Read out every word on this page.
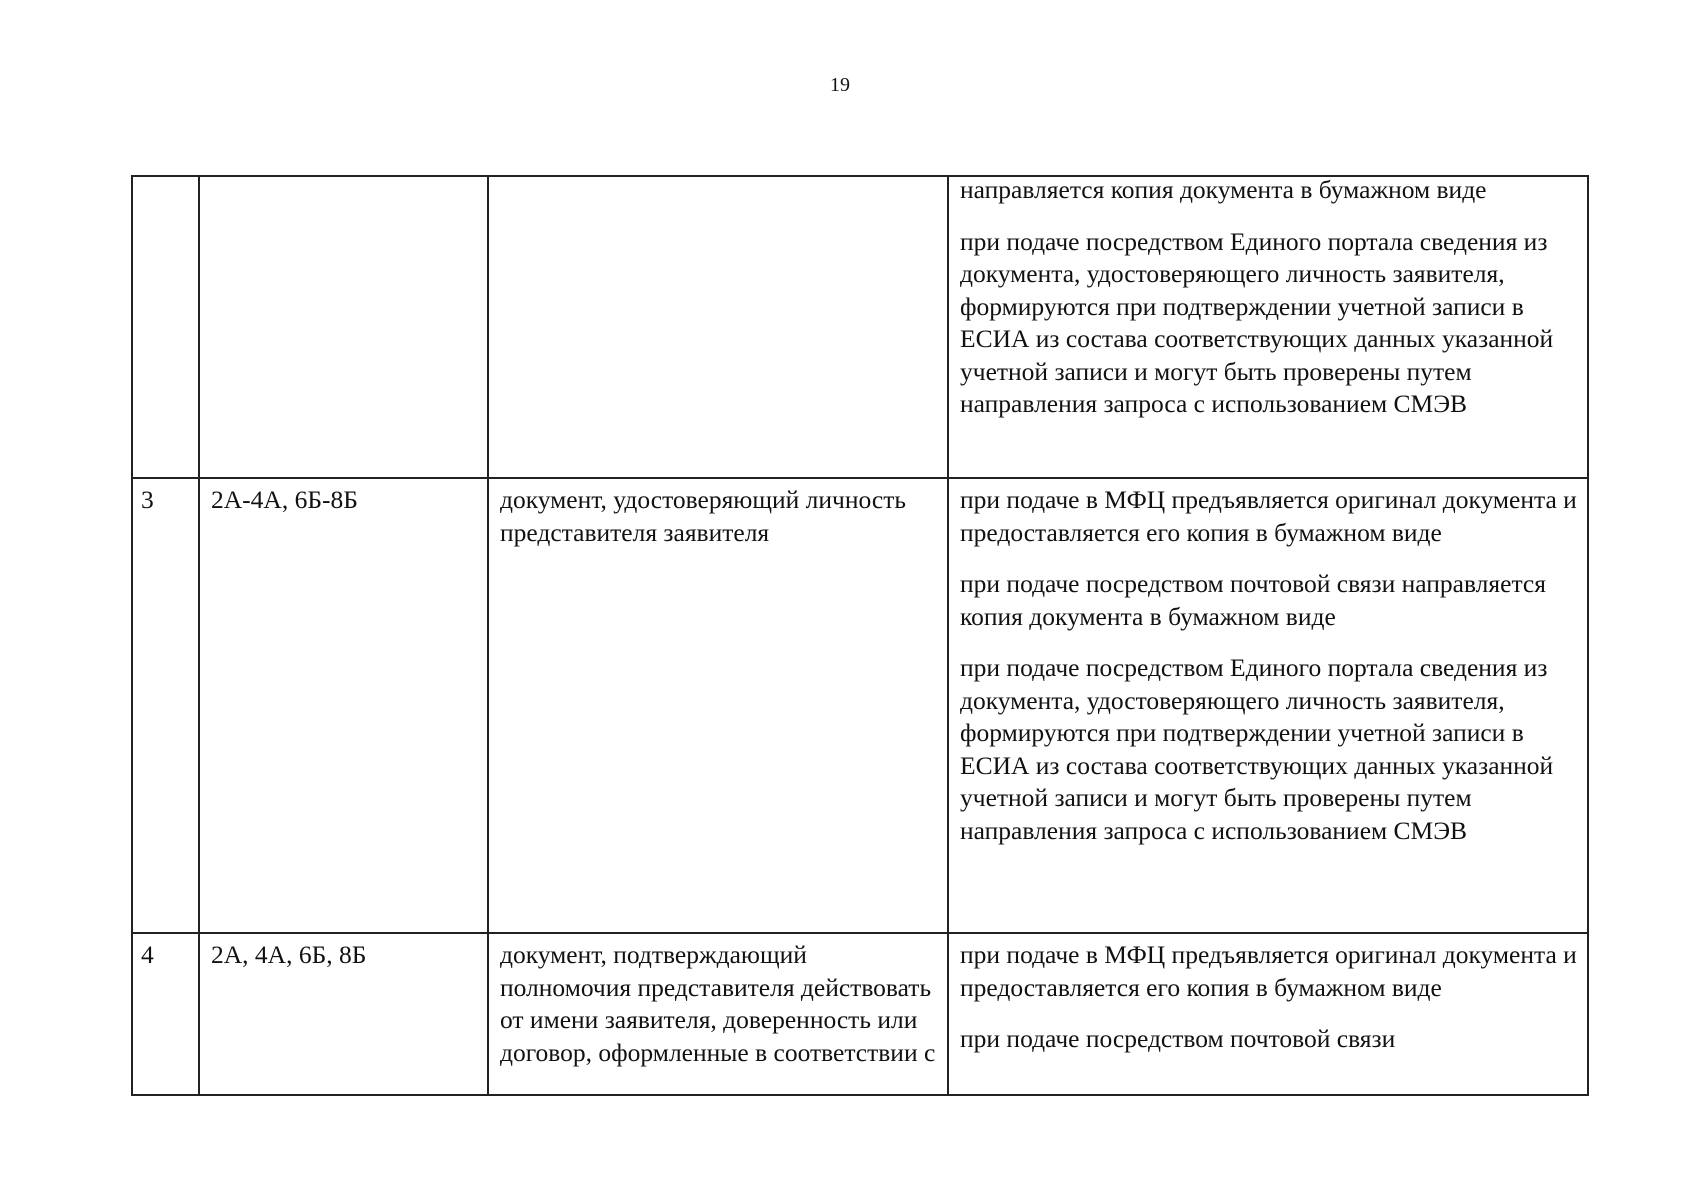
19

			направляется копия документа в бумажном виде
при подаче посредством Единого портала сведения из документа, удостоверяющего личность заявителя, формируются при подтверждении учетной записи в ЕСИА из состава соответствующих данных указанной учетной записи и могут быть проверены путем направления запроса с использованием СМЭВ

3	2А-4А, 6Б-8Б	документ, удостоверяющий личность представителя заявителя	при подаче в МФЦ предъявляется оригинал документа и предоставляется его копия в бумажном виде
при подаче посредством почтовой связи направляется копия документа в бумажном виде
при подаче посредством Единого портала сведения из документа, удостоверяющего личность заявителя, формируются при подтверждении учетной записи в ЕСИА из состава соответствующих данных указанной учетной записи и могут быть проверены путем направления запроса с использованием СМЭВ

4	2А, 4А, 6Б, 8Б	документ, подтверждающий полномочия представителя действовать от имени заявителя, доверенность или договор, оформленные в соответствии с	при подаче в МФЦ предъявляется оригинал документа и предоставляется его копия в бумажном виде
при подаче посредством почтовой связи
